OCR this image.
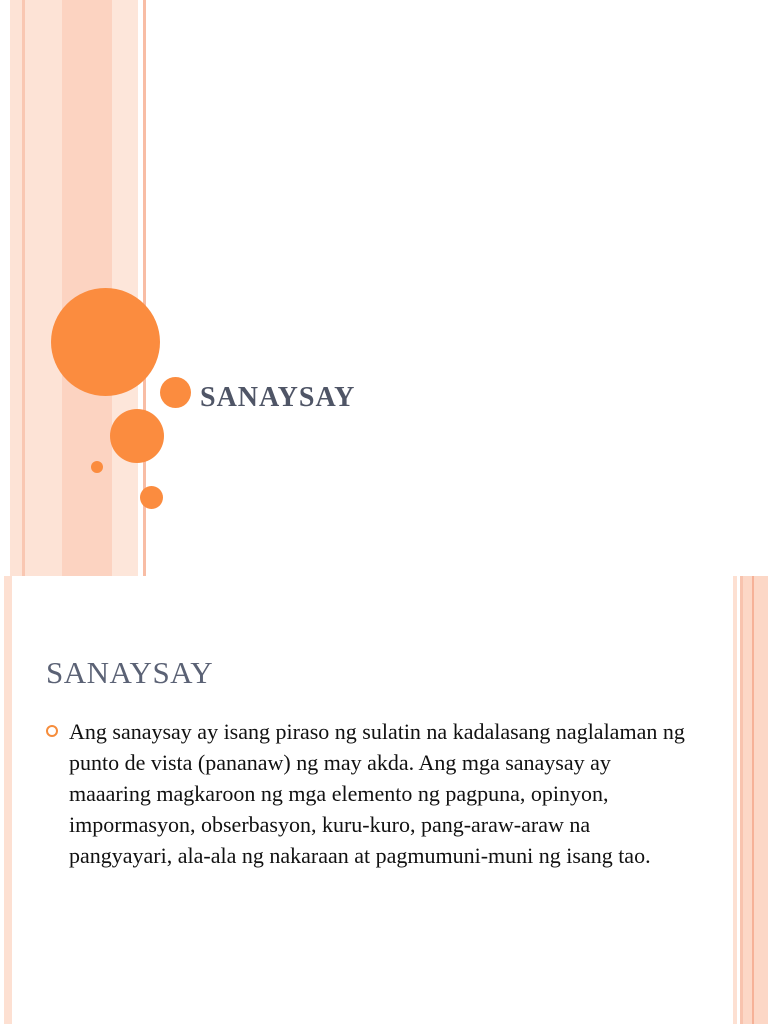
SANAYSAY
SANAYSAY

Ang sanaysay ay isang piraso ng sulatin na kadalasang naglalaman ng punto de vista (pananaw) ng may akda. Ang mga sanaysay ay maaaring magkaroon ng mga elemento ng pagpuna, opinyon, impormasyon, obserbasyon, kuru-kuro, pang-araw-araw na pangyayari, ala-ala ng nakaraan at pagmumuni-muni ng isang tao.
